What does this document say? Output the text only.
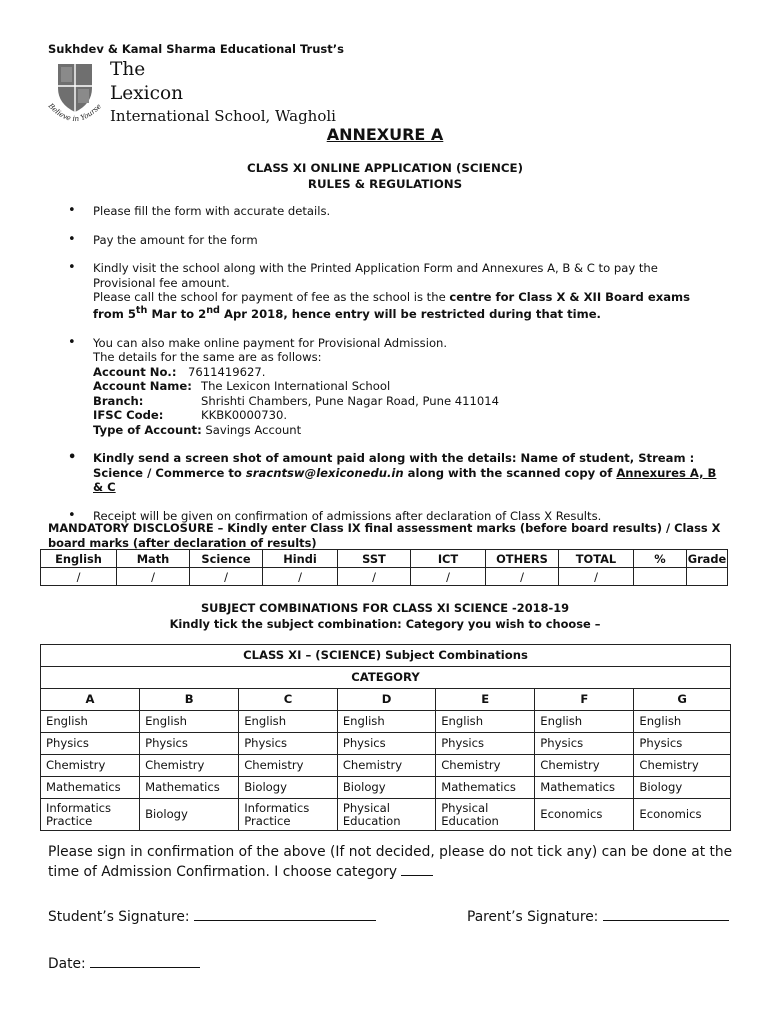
Sukhdev & Kamal Sharma Educational Trust’s
Believe in Yourse
The
Lexicon
International School, Wagholi
ANNEXURE A
CLASS XI ONLINE APPLICATION (SCIENCE)
RULES & REGULATIONS
• Please fill the form with accurate details.
• Pay the amount for the form
• Kindly visit the school along with the Printed Application Form and Annexures A, B & C to pay the Provisional fee amount.
Please call the school for payment of fee as the school is the centre for Class X & XII Board exams from 5th Mar to 2nd Apr 2018, hence entry will be restricted during that time.
• You can also make online payment for Provisional Admission.
The details for the same are as follows:
Account No.: 7611419627.
Account Name: The Lexicon International School
Branch:	Shrishti Chambers, Pune Nagar Road, Pune 411014
IFSC Code:	KKBK0000730.
Type of Account: Savings Account
• Kindly send a screen shot of amount paid along with the details: Name of student, Stream : Science / Commerce to sracntsw@lexiconedu.in along with the scanned copy of Annexures A, B & C
• Receipt will be given on confirmation of admissions after declaration of Class X Results.
MANDATORY DISCLOSURE – Kindly enter Class IX final assessment marks (before board results) / Class X board marks (after declaration of results)
English	Math	Science	Hindi	SST	ICT	OTHERS	TOTAL	%	Grade
/	/	/	/	/	/	/	/		
SUBJECT COMBINATIONS FOR CLASS XI SCIENCE -2018-19
Kindly tick the subject combination: Category you wish to choose –
CLASS XI – (SCIENCE) Subject Combinations						
CATEGORY						
A	B	C	D	E	F	G
English	English	English	English	English	English	English
Physics	Physics	Physics	Physics	Physics	Physics	Physics
Chemistry	Chemistry	Chemistry	Chemistry	Chemistry	Chemistry	Chemistry
Mathematics	Mathematics	Biology	Biology	Mathematics	Mathematics	Biology
Informatics Practice	Biology	Informatics Practice	Physical Education	Physical Education	Economics	Economics
Please sign in confirmation of the above (If not decided, please do not tick any) can be done at the time of Admission Confirmation. I choose category
Student’s Signature:	Parent’s Signature:
Date:
